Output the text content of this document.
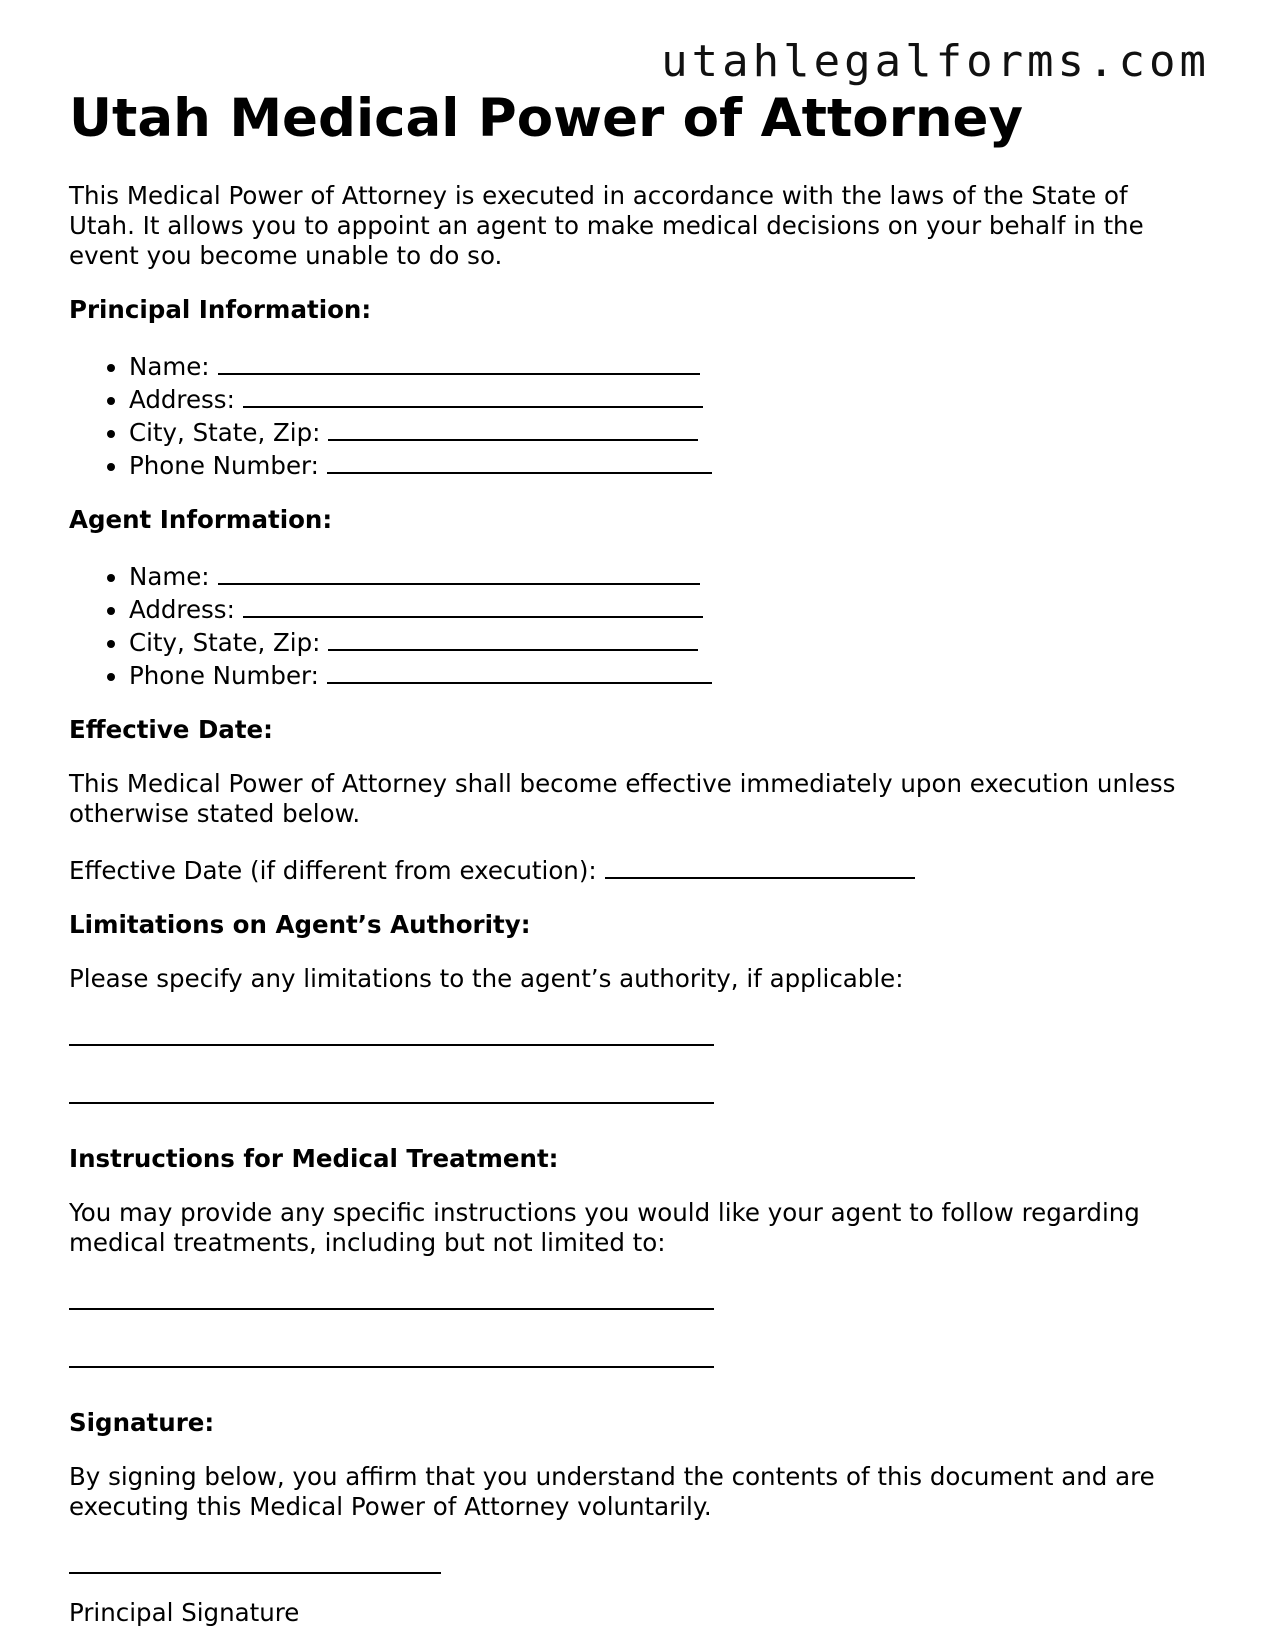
utahlegalforms.com
Utah Medical Power of Attorney

This Medical Power of Attorney is executed in accordance with the laws of the State of Utah. It allows you to appoint an agent to make medical decisions on your behalf in the event you become unable to do so.

Principal Information:
• Name:
• Address:
• City, State, Zip:
• Phone Number:
Agent Information:
• Name:
• Address:
• City, State, Zip:
• Phone Number:
Effective Date:

This Medical Power of Attorney shall become effective immediately upon execution unless otherwise stated below.

Effective Date (if different from execution):

Limitations on Agent’s Authority:

Please specify any limitations to the agent’s authority, if applicable:

Instructions for Medical Treatment:

You may provide any specific instructions you would like your agent to follow regarding medical treatments, including but not limited to:

Signature:

By signing below, you affirm that you understand the contents of this document and are executing this Medical Power of Attorney voluntarily.

Principal Signature
